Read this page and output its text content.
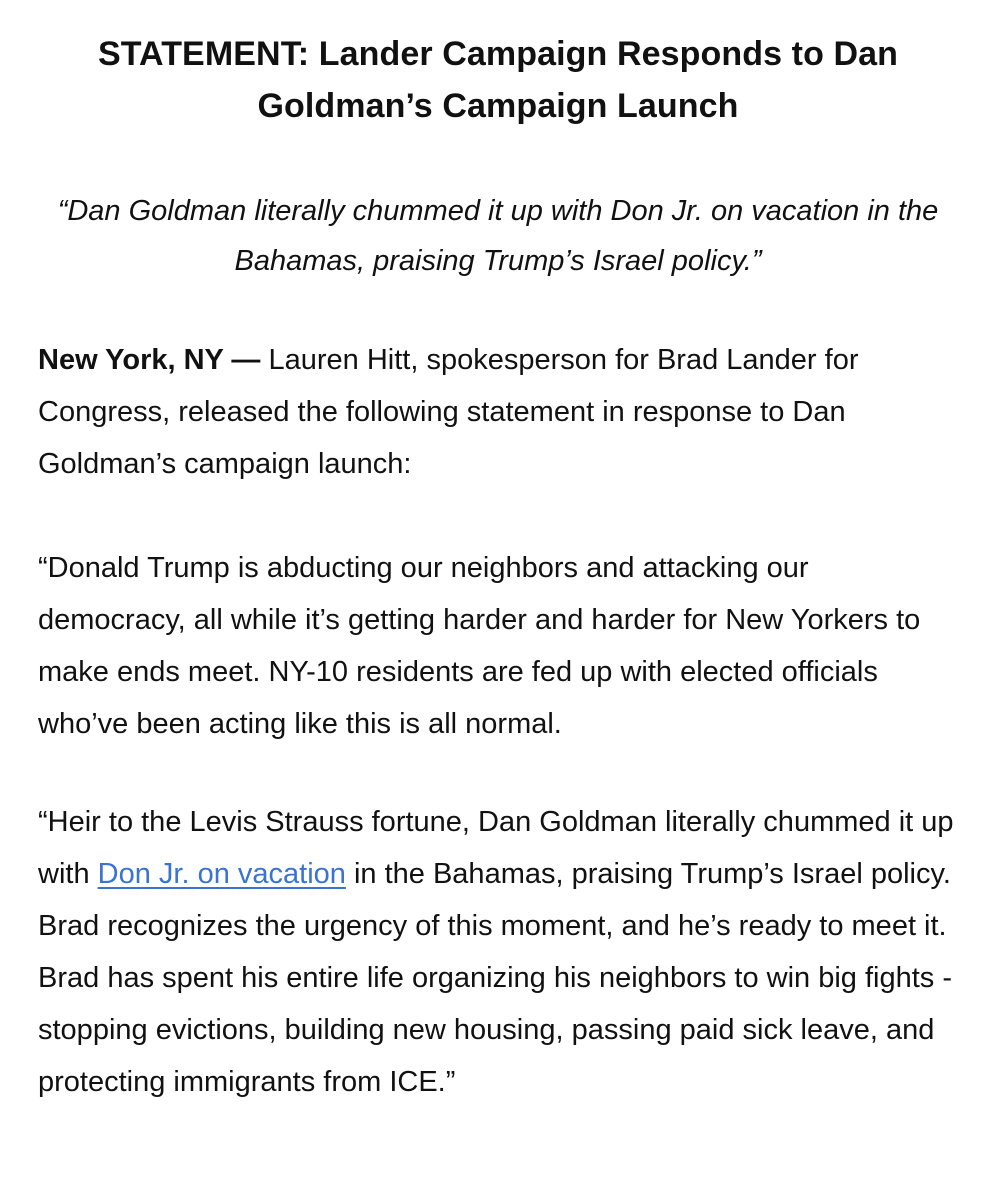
STATEMENT: Lander Campaign Responds to Dan Goldman’s Campaign Launch

“Dan Goldman literally chummed it up with Don Jr. on vacation in the Bahamas, praising Trump’s Israel policy.”

New York, NY — Lauren Hitt, spokesperson for Brad Lander for Congress, released the following statement in response to Dan Goldman’s campaign launch:

“Donald Trump is abducting our neighbors and attacking our democracy, all while it’s getting harder and harder for New Yorkers to make ends meet. NY-10 residents are fed up with elected officials who’ve been acting like this is all normal.

“Heir to the Levis Strauss fortune, Dan Goldman literally chummed it up with Don Jr. on vacation in the Bahamas, praising Trump’s Israel policy. Brad recognizes the urgency of this moment, and he’s ready to meet it. Brad has spent his entire life organizing his neighbors to win big fights - stopping evictions, building new housing, passing paid sick leave, and protecting immigrants from ICE.”
